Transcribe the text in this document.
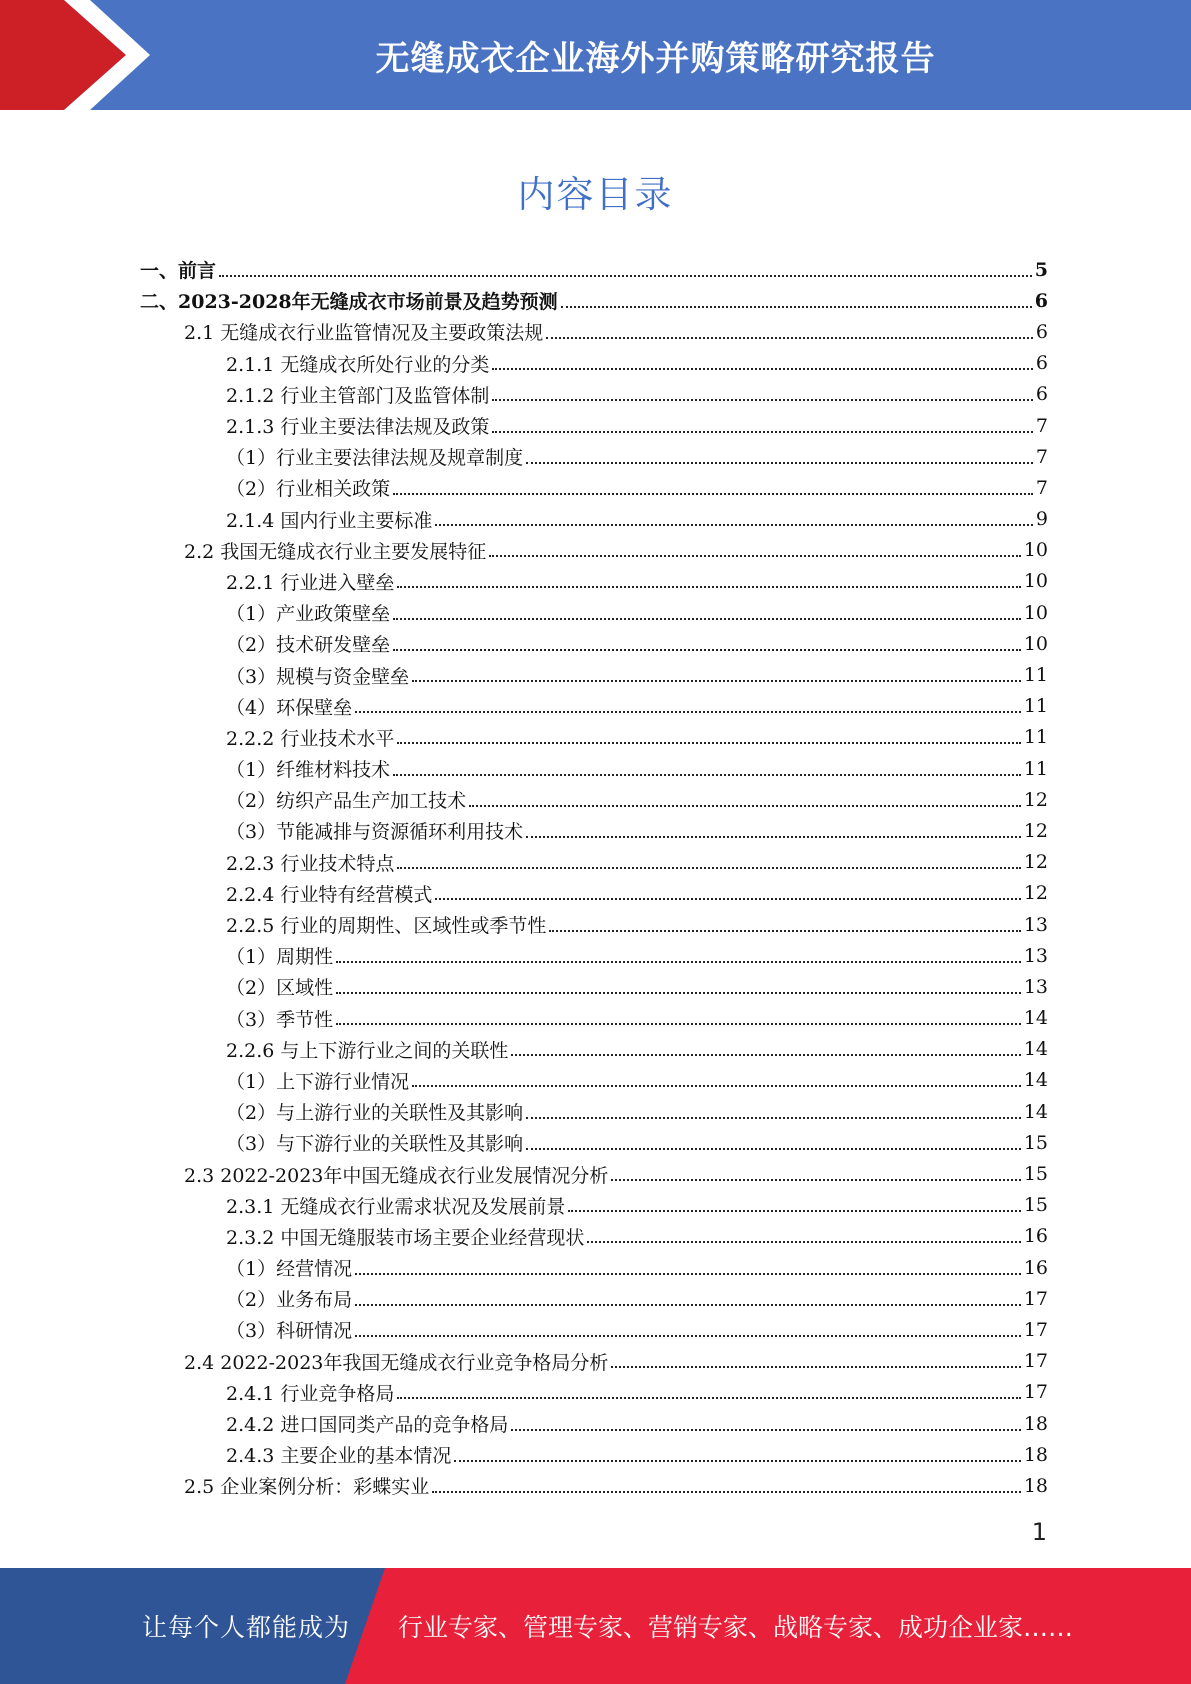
无缝成衣企业海外并购策略研究报告
内容目录
一、前言	5
二、2023-2028年无缝成衣市场前景及趋势预测	6
2.1 无缝成衣行业监管情况及主要政策法规	6
2.1.1 无缝成衣所处行业的分类	6
2.1.2 行业主管部门及监管体制	6
2.1.3 行业主要法律法规及政策	7
（1）行业主要法律法规及规章制度	7
（2）行业相关政策	7
2.1.4 国内行业主要标准	9
2.2 我国无缝成衣行业主要发展特征	10
2.2.1 行业进入壁垒	10
（1）产业政策壁垒	10
（2）技术研发壁垒	10
（3）规模与资金壁垒	11
（4）环保壁垒	11
2.2.2 行业技术水平	11
（1）纤维材料技术	11
（2）纺织产品生产加工技术	12
（3）节能减排与资源循环利用技术	12
2.2.3 行业技术特点	12
2.2.4 行业特有经营模式	12
2.2.5 行业的周期性、区域性或季节性	13
（1）周期性	13
（2）区域性	13
（3）季节性	14
2.2.6 与上下游行业之间的关联性	14
（1）上下游行业情况	14
（2）与上游行业的关联性及其影响	14
（3）与下游行业的关联性及其影响	15
2.3 2022-2023年中国无缝成衣行业发展情况分析	15
2.3.1 无缝成衣行业需求状况及发展前景	15
2.3.2 中国无缝服装市场主要企业经营现状	16
（1）经营情况	16
（2）业务布局	17
（3）科研情况	17
2.4 2022-2023年我国无缝成衣行业竞争格局分析	17
2.4.1 行业竞争格局	17
2.4.2 进口国同类产品的竞争格局	18
2.4.3 主要企业的基本情况	18
2.5 企业案例分析：彩蝶实业	18
1
让每个人都能成为 行业专家、管理专家、营销专家、战略专家、成功企业家……
